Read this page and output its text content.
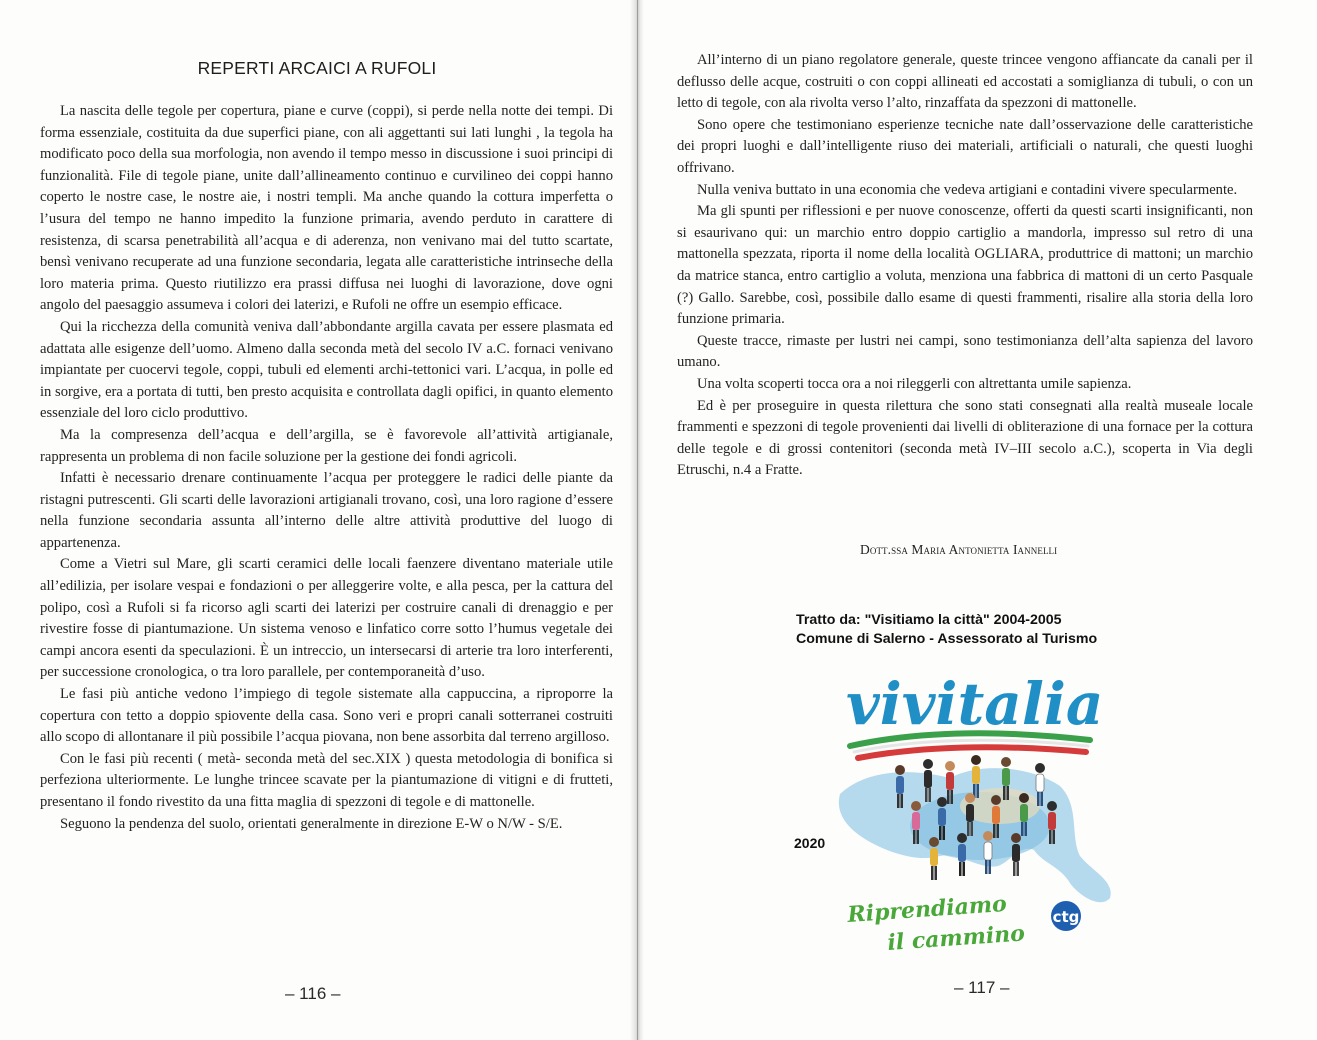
REPERTI ARCAICI A RUFOLI

La nascita delle tegole per copertura, piane e curve (coppi), si perde nella notte dei tempi. Di forma essenziale, costituita da due superfici piane, con ali aggettanti sui lati lunghi , la tegola ha modificato poco della sua morfologia, non avendo il tempo messo in discussione i suoi principi di funzionalità. File di tegole piane, unite dall’allineamento continuo e curvilineo dei coppi hanno coperto le nostre case, le nostre aie, i nostri templi. Ma anche quando la cottura imperfetta o l’usura del tempo ne hanno impedito la funzione primaria, avendo perduto in carattere di resistenza, di scarsa penetrabilità all’acqua e di aderenza, non venivano mai del tutto scartate, bensì venivano recuperate ad una funzione secondaria, legata alle caratteristiche intrinseche della loro materia prima. Questo riutilizzo era prassi diffusa nei luoghi di lavorazione, dove ogni angolo del paesaggio assumeva i colori dei laterizi, e Rufoli ne offre un esempio efficace.

Qui la ricchezza della comunità veniva dall’abbondante argilla cavata per essere plasmata ed adattata alle esigenze dell’uomo. Almeno dalla seconda metà del secolo IV a.C. fornaci venivano impiantate per cuocervi tegole, coppi, tubuli ed elementi archi-tettonici vari. L’acqua, in polle ed in sorgive, era a portata di tutti, ben presto acquisita e controllata dagli opifici, in quanto elemento essenziale del loro ciclo produttivo.

Ma la compresenza dell’acqua e dell’argilla, se è favorevole all’attività artigianale, rappresenta un problema di non facile soluzione per la gestione dei fondi agricoli.

Infatti è necessario drenare continuamente l’acqua per proteggere le radici delle piante da ristagni putrescenti. Gli scarti delle lavorazioni artigianali trovano, così, una loro ragione d’essere nella funzione secondaria assunta all’interno delle altre attività produttive del luogo di appartenenza.

Come a Vietri sul Mare, gli scarti ceramici delle locali faenzere diventano materiale utile all’edilizia, per isolare vespai e fondazioni o per alleggerire volte, e alla pesca, per la cattura del polipo, così a Rufoli si fa ricorso agli scarti dei laterizi per costruire canali di drenaggio e per rivestire fosse di piantumazione. Un sistema venoso e linfatico corre sotto l’humus vegetale dei campi ancora esenti da speculazioni. È un intreccio, un intersecarsi di arterie tra loro interferenti, per successione cronologica, o tra loro parallele, per contemporaneità d’uso.

Le fasi più antiche vedono l’impiego di tegole sistemate alla cappuccina, a riproporre la copertura con tetto a doppio spiovente della casa. Sono veri e propri canali sotterranei costruiti allo scopo di allontanare il più possibile l’acqua piovana, non bene assorbita dal terreno argilloso.

Con le fasi più recenti ( metà- seconda metà del sec.XIX ) questa metodologia di bonifica si perfeziona ulteriormente. Le lunghe trincee scavate per la piantumazione di vitigni e di frutteti, presentano il fondo rivestito da una fitta maglia di spezzoni di tegole e di mattonelle.

Seguono la pendenza del suolo, orientati generalmente in direzione E-W o N/W - S/E.

– 116 –

All’interno di un piano regolatore generale, queste trincee vengono affiancate da canali per il deflusso delle acque, costruiti o con coppi allineati ed accostati a somiglianza di tubuli, o con un letto di tegole, con ala rivolta verso l’alto, rinzaffata da spezzoni di mattonelle.

Sono opere che testimoniano esperienze tecniche nate dall’osservazione delle caratteristiche dei propri luoghi e dall’intelligente riuso dei materiali, artificiali o naturali, che questi luoghi offrivano.

Nulla veniva buttato in una economia che vedeva artigiani e contadini vivere specularmente.

Ma gli spunti per riflessioni e per nuove conoscenze, offerti da questi scarti insignificanti, non si esaurivano qui: un marchio entro doppio cartiglio a mandorla, impresso sul retro di una mattonella spezzata, riporta il nome della località OGLIARA, produttrice di mattoni; un marchio da matrice stanca, entro cartiglio a voluta, menziona una fabbrica di mattoni di un certo Pasquale (?) Gallo. Sarebbe, così, possibile dallo esame di questi frammenti, risalire alla storia della loro funzione primaria.

Queste tracce, rimaste per lustri nei campi, sono testimonianza dell’alta sapienza del lavoro umano.

Una volta scoperti tocca ora a noi rileggerli con altrettanta umile sapienza.

Ed è per proseguire in questa rilettura che sono stati consegnati alla realtà museale locale frammenti e spezzoni di tegole provenienti dai livelli di obliterazione di una fornace per la cottura delle tegole e di grossi contenitori (seconda metà IV–III secolo a.C.), scoperta in Via degli Etruschi, n.4 a Fratte.

Dott.ssa Maria Antonietta Iannelli
Tratto da: "Visitiamo la città" 2004-2005
Comune di Salerno - Assessorato al Turismo
2020
vivitalia
Riprendiamo
il cammino
ctg
– 117 –
